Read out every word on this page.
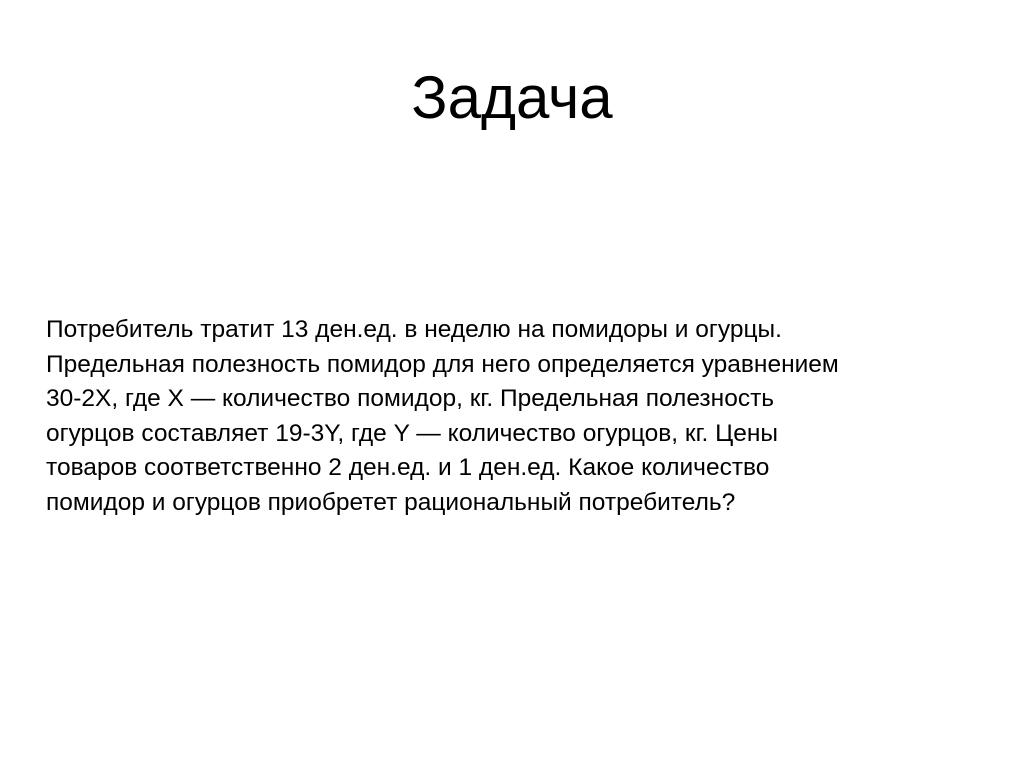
Задача

Потребитель тратит 13 ден.ед. в неделю на помидоры и огурцы.
Предельная полезность помидор для него определяется уравнением
30-2X, где X — количество помидор, кг. Предельная полезность
огурцов составляет 19-3Y, где Y — количество огурцов, кг. Цены
товаров соответственно 2 ден.ед. и 1 ден.ед. Какое количество
помидор и огурцов приобретет рациональный потребитель?
